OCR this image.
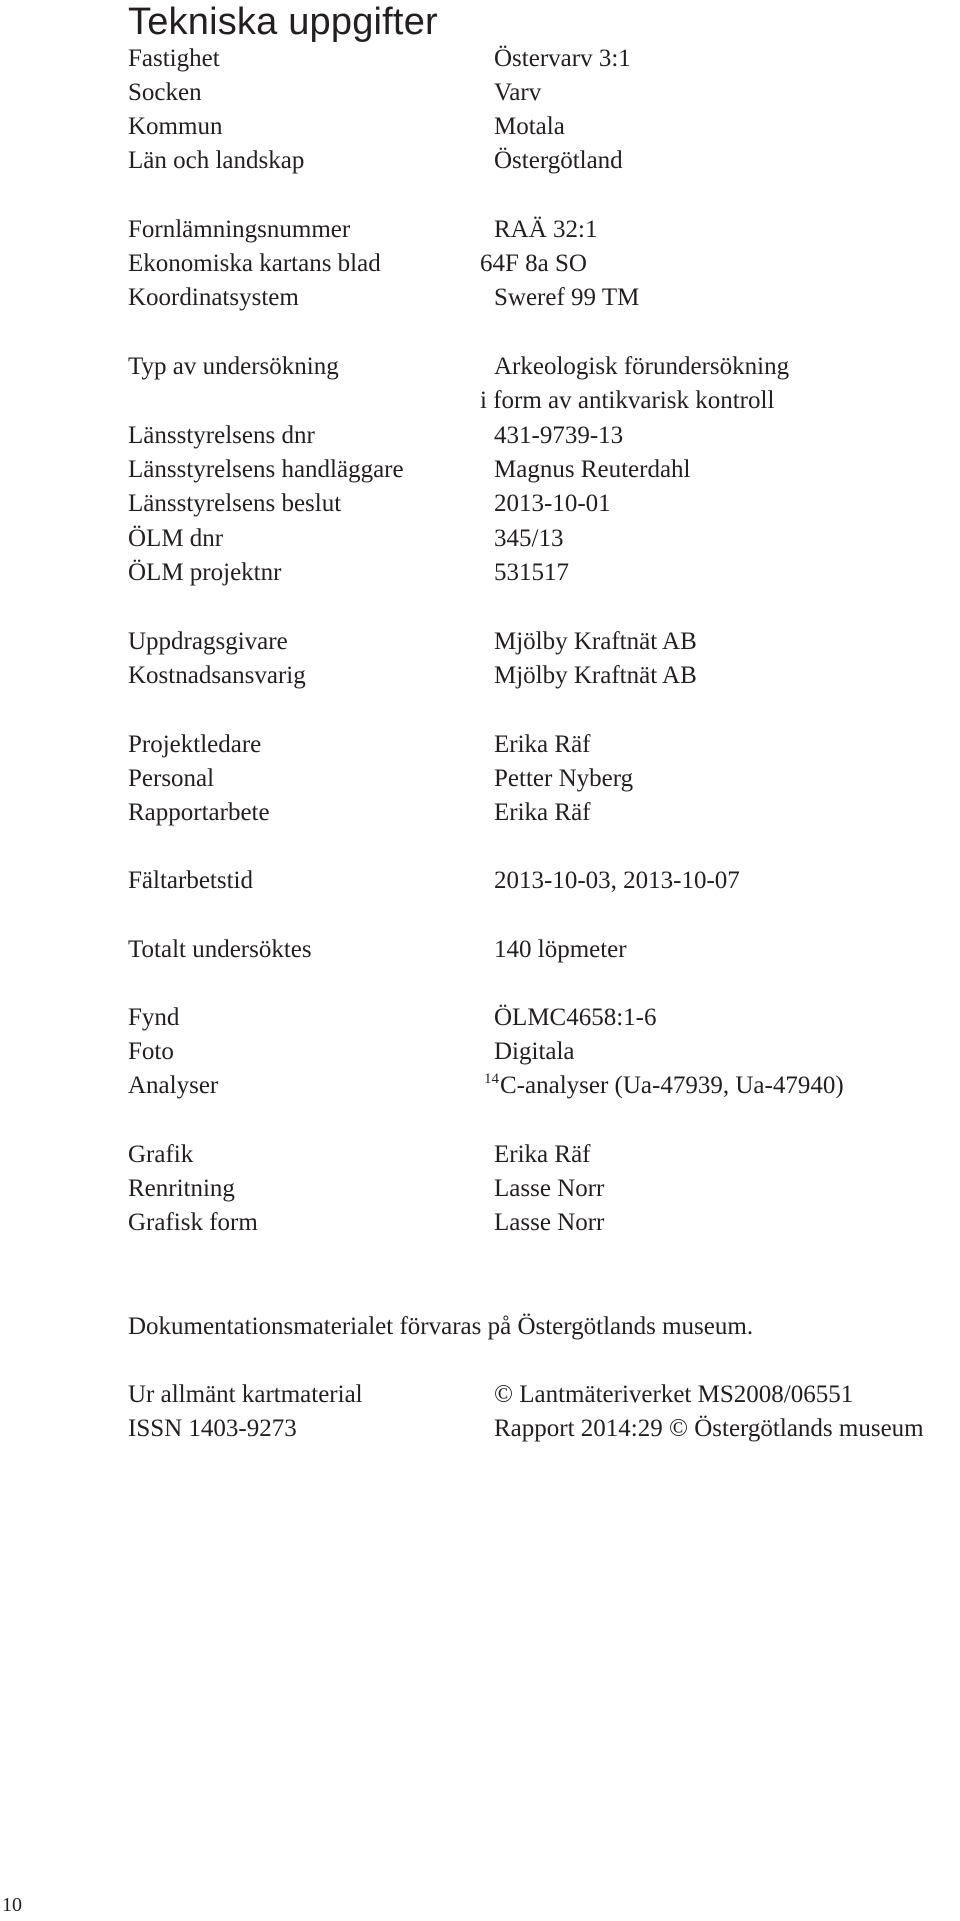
Tekniska uppgifter
Fastighet	Östervarv 3:1
Socken	Varv
Kommun	Motala
Län och landskap	Östergötland
Fornlämningsnummer	RAÄ 32:1
Ekonomiska kartans blad	64F 8a SO
Koordinatsystem	Sweref 99 TM
Typ av undersökning	Arkeologisk förundersökning
i form av antikvarisk kontroll
Länsstyrelsens dnr	431-9739-13
Länsstyrelsens handläggare	Magnus Reuterdahl
Länsstyrelsens beslut	2013-10-01
ÖLM dnr	345/13
ÖLM projektnr	531517
Uppdragsgivare	Mjölby Kraftnät AB
Kostnadsansvarig	Mjölby Kraftnät AB
Projektledare	Erika Räf
Personal	Petter Nyberg
Rapportarbete	Erika Räf
Fältarbetstid	2013-10-03, 2013-10-07
Totalt undersöktes	140 löpmeter
Fynd	ÖLMC4658:1-6
Foto	Digitala
Analyser	$^{14}$C-analyser (Ua-47939, Ua-47940)
Grafik	Erika Räf
Renritning	Lasse Norr
Grafisk form	Lasse Norr
Dokumentationsmaterialet förvaras på Östergötlands museum.
Ur allmänt kartmaterial	© Lantmäteriverket MS2008/06551
ISSN 1403-9273	Rapport 2014:29 © Östergötlands museum
10
